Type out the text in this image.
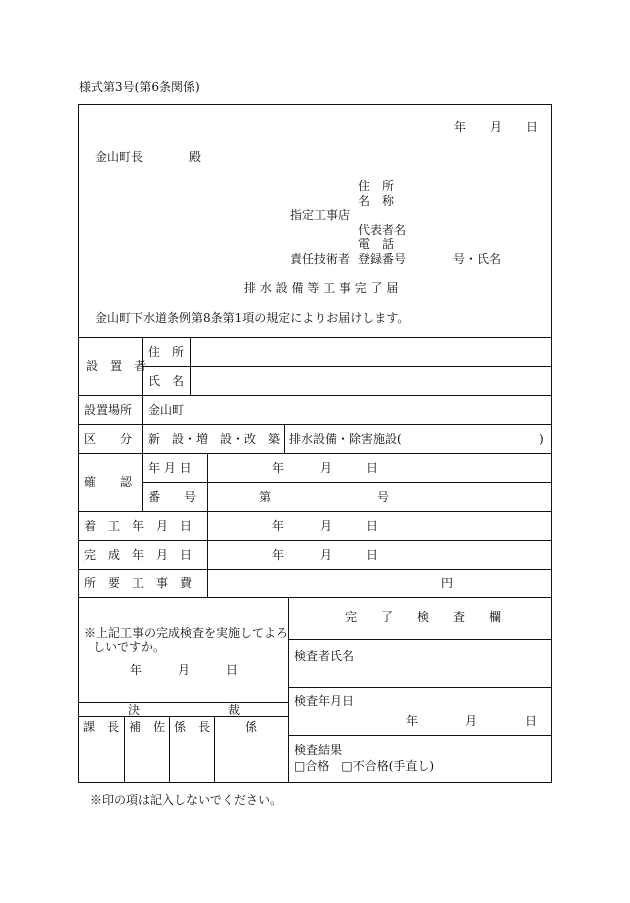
様式第3号(第6条関係)
年 月 日
金山町長	殿
住　所
名　称
指定工事店
代表者名
電　話
責任技術者 登録番号	号・氏名
排 水 設 備 等 工 事 完 了 届
金山町下水道条例第8条第1項の規定によりお届けします。
設　置　者
住　所
氏　名
設置場所 金山町
区　　分 新　設・増　設・改　築 排水設備・除害施設(	)
確　　認
年 月 日	年	月	日
番　　号	第	号
着　工　年　月　日	年	月	日
完　成　年　月　日	年	月	日
所　要　工　事　費	円
※上記工事の完成検査を実施してよろ
しいですか。
年	月	日
決	裁
課　長 補　佐 係　長	係
完　　了　　検　　査　　欄
検査者氏名
検査年月日
年	月	日
検査結果
□合格 □不合格(手直し)
※印の項は記入しないでください。
